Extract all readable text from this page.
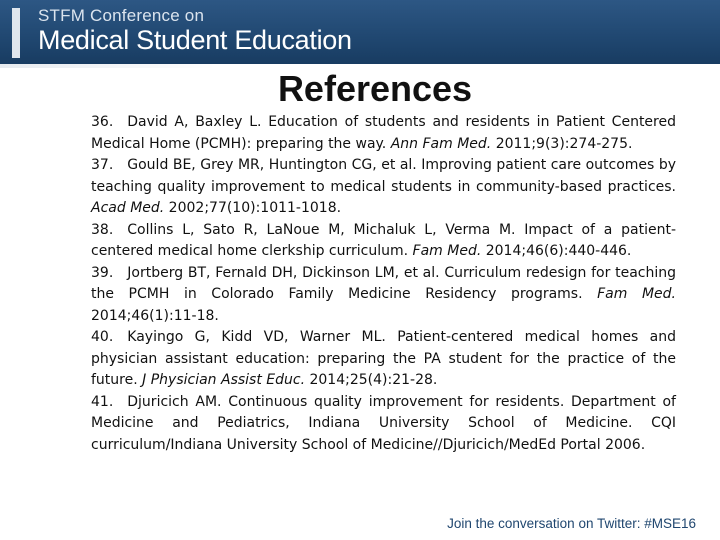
STFM Conference on
Medical Student Education
References

36. David A, Baxley L. Education of students and residents in Patient Centered Medical Home (PCMH): preparing the way. Ann Fam Med. 2011;9(3):274-275.

37. Gould BE, Grey MR, Huntington CG, et al. Improving patient care outcomes by teaching quality improvement to medical students in community-based practices. Acad Med. 2002;77(10):1011-1018.

38. Collins L, Sato R, LaNoue M, Michaluk L, Verma M. Impact of a patient-centered medical home clerkship curriculum. Fam Med. 2014;46(6):440-446.

39. Jortberg BT, Fernald DH, Dickinson LM, et al. Curriculum redesign for teaching the PCMH in Colorado Family Medicine Residency programs. Fam Med. 2014;46(1):11-18.

40. Kayingo G, Kidd VD, Warner ML. Patient-centered medical homes and physician assistant education: preparing the PA student for the practice of the future. J Physician Assist Educ. 2014;25(4):21-28.

41. Djuricich AM. Continuous quality improvement for residents. Department of Medicine and Pediatrics, Indiana University School of Medicine. CQI curriculum/Indiana University School of Medicine//Djuricich/MedEd Portal 2006.

Join the conversation on Twitter: #MSE16
